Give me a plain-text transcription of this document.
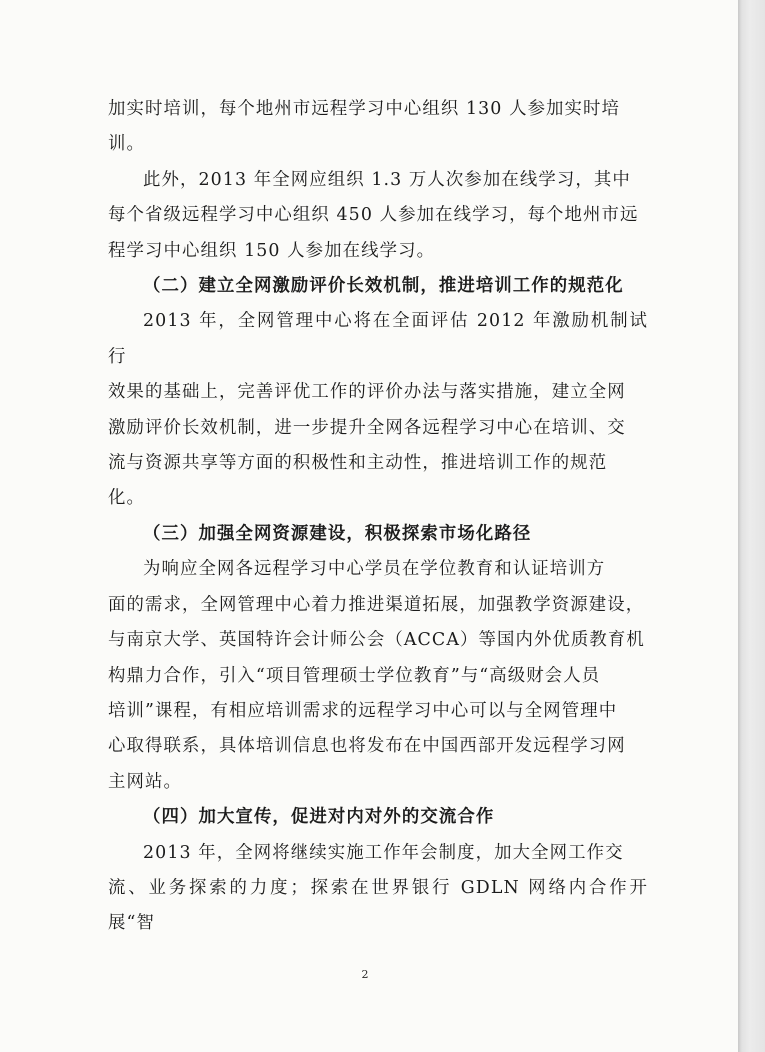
加实时培训，每个地州市远程学习中心组织 130 人参加实时培
训。

此外，2013 年全网应组织 1.3 万人次参加在线学习，其中
每个省级远程学习中心组织 450 人参加在线学习，每个地州市远
程学习中心组织 150 人参加在线学习。

（二）建立全网激励评价长效机制，推进培训工作的规范化

2013 年，全网管理中心将在全面评估 2012 年激励机制试行
效果的基础上，完善评优工作的评价办法与落实措施，建立全网
激励评价长效机制，进一步提升全网各远程学习中心在培训、交
流与资源共享等方面的积极性和主动性，推进培训工作的规范
化。

（三）加强全网资源建设，积极探索市场化路径

为响应全网各远程学习中心学员在学位教育和认证培训方
面的需求，全网管理中心着力推进渠道拓展，加强教学资源建设，
与南京大学、英国特许会计师公会（ACCA）等国内外优质教育机
构鼎力合作，引入“项目管理硕士学位教育”与“高级财会人员
培训”课程，有相应培训需求的远程学习中心可以与全网管理中
心取得联系，具体培训信息也将发布在中国西部开发远程学习网
主网站。

（四）加大宣传，促进对内对外的交流合作

2013 年，全网将继续实施工作年会制度，加大全网工作交
流、业务探索的力度；探索在世界银行 GDLN 网络内合作开展“智

2
